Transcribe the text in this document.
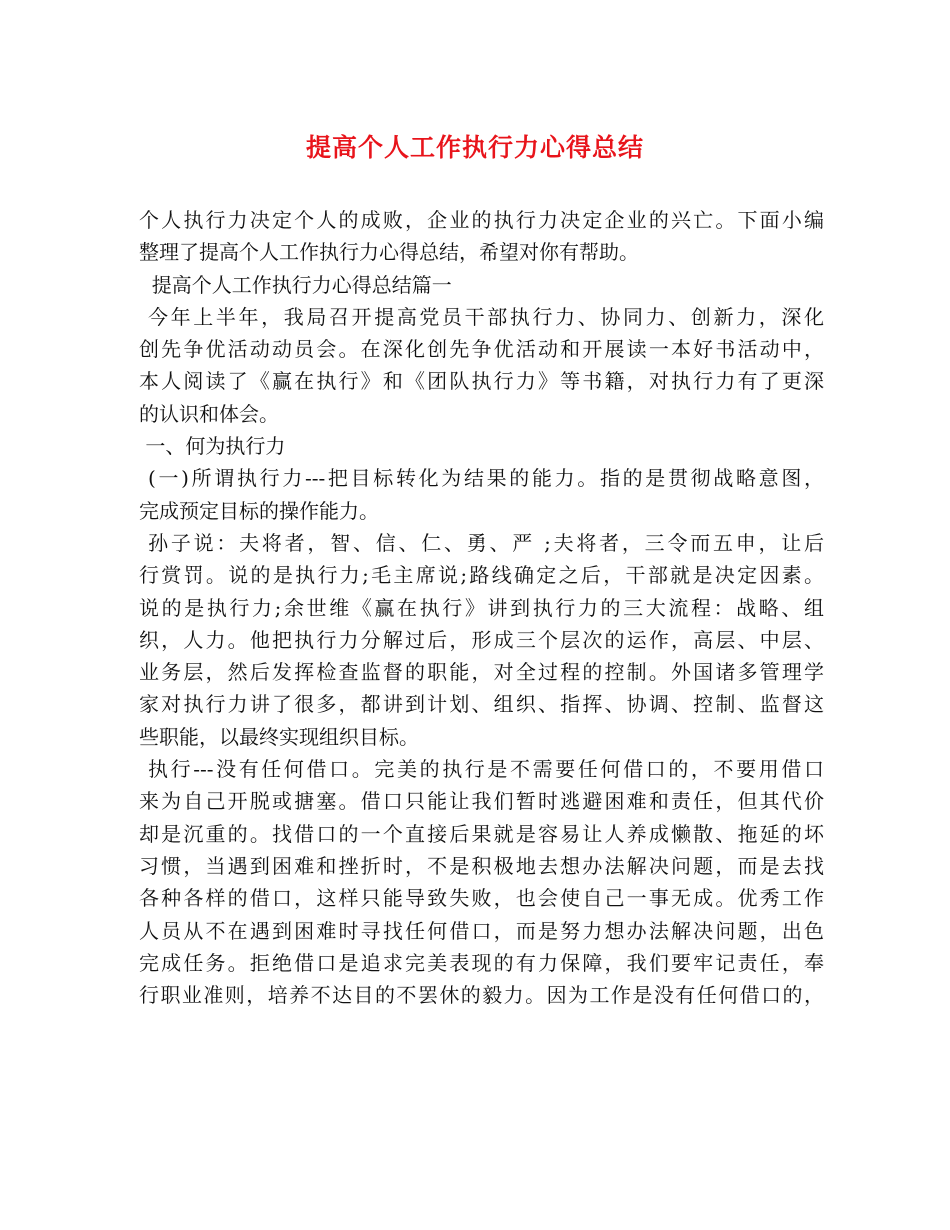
提高个人工作执行力心得总结
个人执行力决定个人的成败，企业的执行力决定企业的兴亡。下面小编
整理了提高个人工作执行力心得总结，希望对你有帮助。
提高个人工作执行力心得总结篇一
今年上半年，我局召开提高党员干部执行力、协同力、创新力，深化
创先争优活动动员会。在深化创先争优活动和开展读一本好书活动中，
本人阅读了《赢在执行》和《团队执行力》等书籍，对执行力有了更深
的认识和体会。
一、何为执行力
(一)所谓执行力---把目标转化为结果的能力。指的是贯彻战略意图，
完成预定目标的操作能力。
孙子说：夫将者，智、信、仁、勇、严 ;夫将者，三令而五申，让后
行赏罚。说的是执行力;毛主席说;路线确定之后，干部就是决定因素。
说的是执行力;余世维《赢在执行》讲到执行力的三大流程：战略、组
织，人力。他把执行力分解过后，形成三个层次的运作，高层、中层、
业务层，然后发挥检查监督的职能，对全过程的控制。外国诸多管理学
家对执行力讲了很多，都讲到计划、组织、指挥、协调、控制、监督这
些职能，以最终实现组织目标。
执行---没有任何借口。完美的执行是不需要任何借口的，不要用借口
来为自己开脱或搪塞。借口只能让我们暂时逃避困难和责任，但其代价
却是沉重的。找借口的一个直接后果就是容易让人养成懒散、拖延的坏
习惯，当遇到困难和挫折时，不是积极地去想办法解决问题，而是去找
各种各样的借口，这样只能导致失败，也会使自己一事无成。优秀工作
人员从不在遇到困难时寻找任何借口，而是努力想办法解决问题，出色
完成任务。拒绝借口是追求完美表现的有力保障，我们要牢记责任，奉
行职业准则，培养不达目的不罢休的毅力。因为工作是没有任何借口的，
